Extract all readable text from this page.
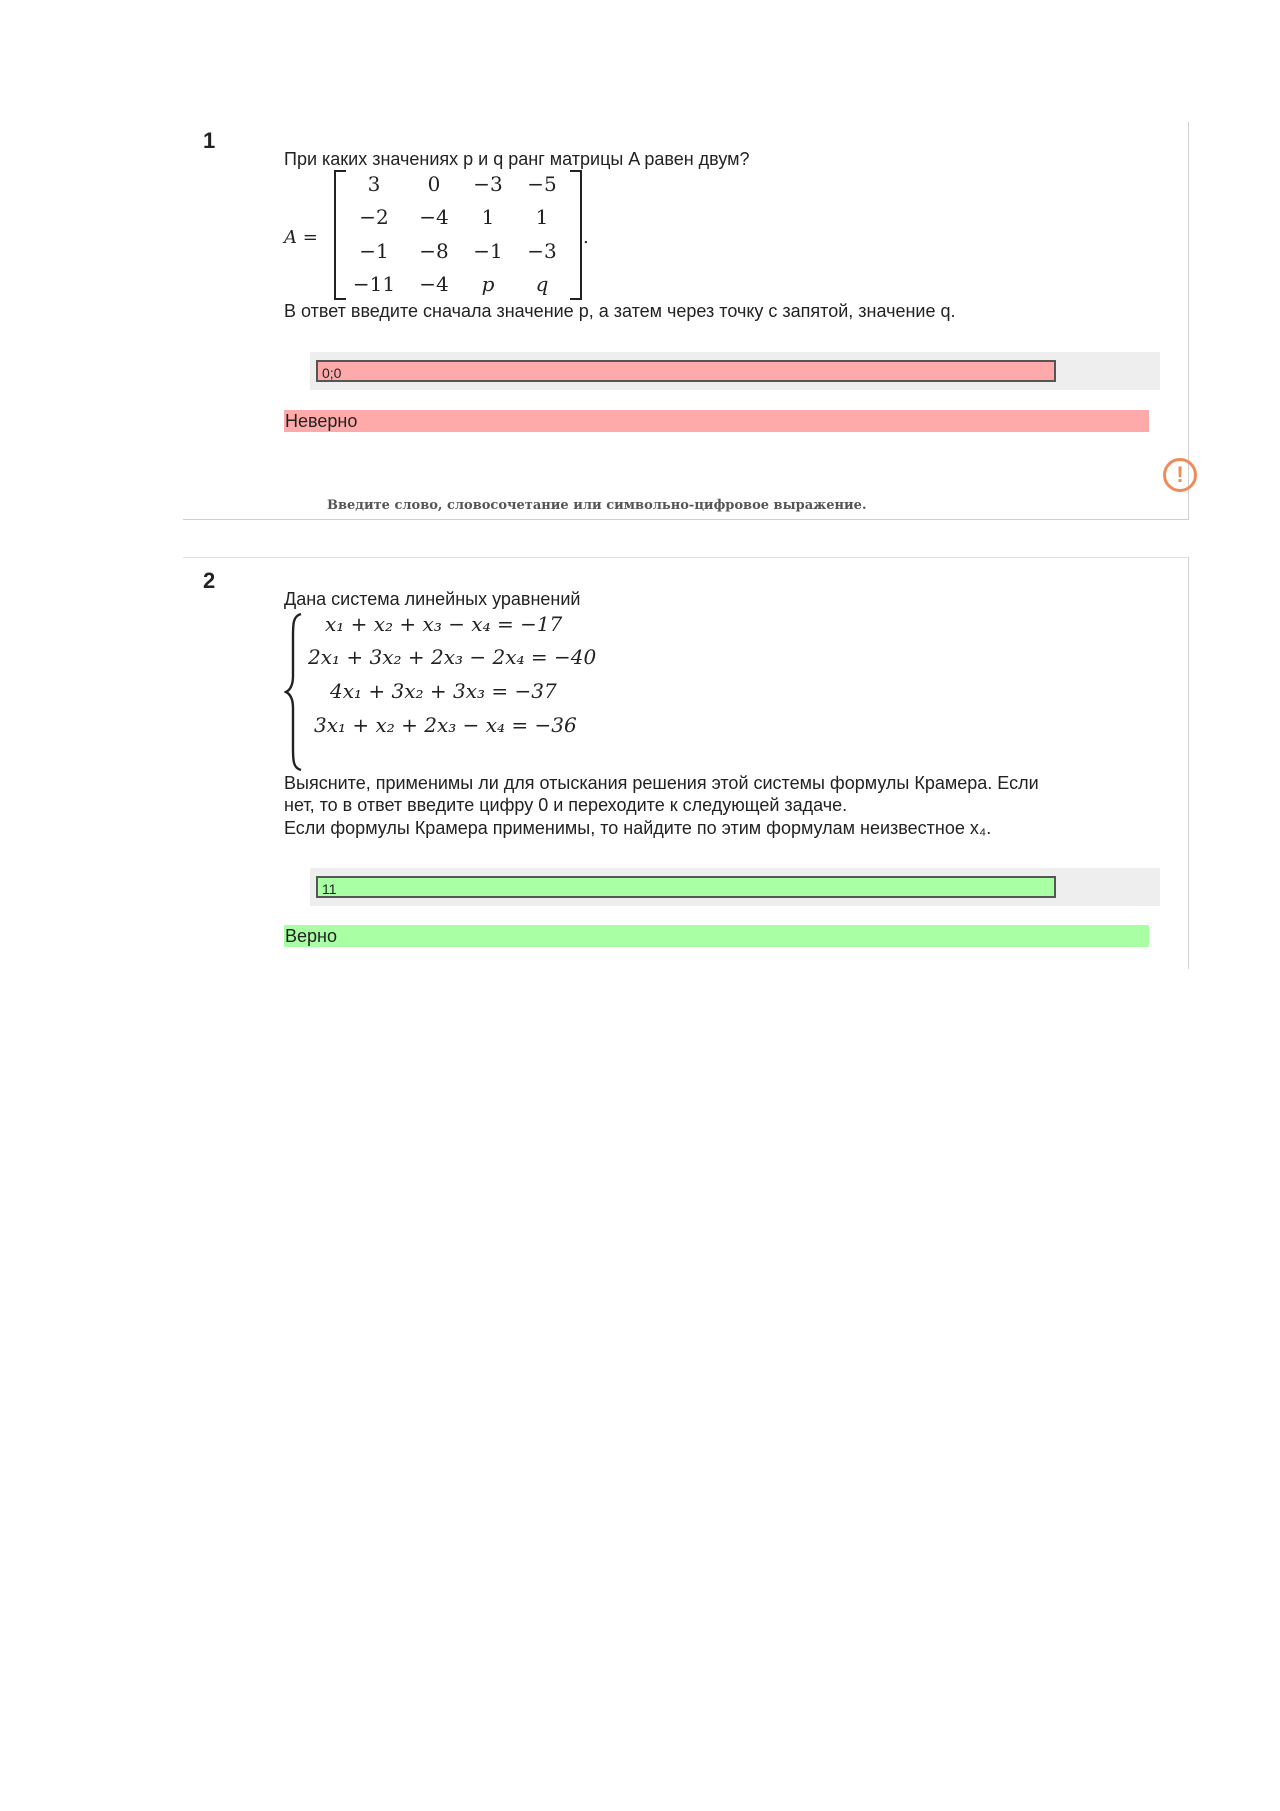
1
При каких значениях p и q ранг матрицы A равен двум?
A =
3	0	−3	−5
−2	−4	1	1
−1	−8	−1	−3
−11	−4	p	q
.
В ответ введите сначала значение p, а затем через точку с запятой, значение q.
0;0
Неверно
!
Введите слово, словосочетание или символьно-цифровое выражение.
2
Дана система линейных уравнений
x₁ + x₂ + x₃ − x₄ = −17
2x₁ + 3x₂ + 2x₃ − 2x₄ = −40
4x₁ + 3x₂ + 3x₃ = −37
3x₁ + x₂ + 2x₃ − x₄ = −36
Выясните, применимы ли для отыскания решения этой системы формулы Крамера. Если
нет, то в ответ введите цифру 0 и переходите к следующей задаче.
Если формулы Крамера применимы, то найдите по этим формулам неизвестное x₄.
11
Верно
